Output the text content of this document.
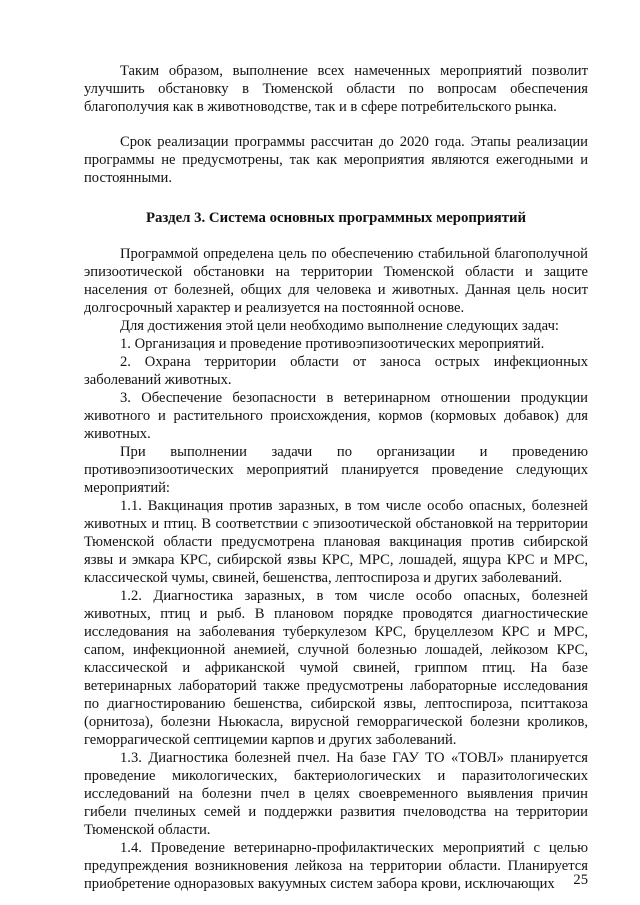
Таким образом, выполнение всех намеченных мероприятий позволит улучшить обстановку в Тюменской области по вопросам обеспечения благополучия как в животноводстве, так и в сфере потребительского рынка.

Срок реализации программы рассчитан до 2020 года. Этапы реализации программы не предусмотрены, так как мероприятия являются ежегодными и постоянными.

Раздел 3. Система основных программных мероприятий

Программой определена цель по обеспечению стабильной благополучной эпизоотической обстановки на территории Тюменской области и защите населения от болезней, общих для человека и животных. Данная цель носит долгосрочный характер и реализуется на постоянной основе.

Для достижения этой цели необходимо выполнение следующих задач:

1. Организация и проведение противоэпизоотических мероприятий.

2. Охрана территории области от заноса острых инфекционных заболеваний животных.

3. Обеспечение безопасности в ветеринарном отношении продукции животного и растительного происхождения, кормов (кормовых добавок) для животных.

При выполнении задачи по организации и проведению противоэпизоотических мероприятий планируется проведение следующих мероприятий:

1.1. Вакцинация против заразных, в том числе особо опасных, болезней животных и птиц. В соответствии с эпизоотической обстановкой на территории Тюменской области предусмотрена плановая вакцинация против сибирской язвы и эмкара КРС, сибирской язвы КРС, МРС, лошадей, ящура КРС и МРС, классической чумы, свиней, бешенства, лептоспироза и других заболеваний.

1.2. Диагностика заразных, в том числе особо опасных, болезней животных, птиц и рыб. В плановом порядке проводятся диагностические исследования на заболевания туберкулезом КРС, бруцеллезом КРС и МРС, сапом, инфекционной анемией, случной болезнью лошадей, лейкозом КРС, классической и африканской чумой свиней, гриппом птиц. На базе ветеринарных лабораторий также предусмотрены лабораторные исследования по диагностированию бешенства, сибирской язвы, лептоспироза, пситтакоза (орнитоза), болезни Ньюкасла, вирусной геморрагической болезни кроликов, геморрагической септицемии карпов и других заболеваний.

1.3. Диагностика болезней пчел. На базе ГАУ ТО «ТОВЛ» планируется проведение микологических, бактериологических и паразитологических исследований на болезни пчел в целях своевременного выявления причин гибели пчелиных семей и поддержки развития пчеловодства на территории Тюменской области.

1.4. Проведение ветеринарно-профилактических мероприятий с целью предупреждения возникновения лейкоза на территории области. Планируется приобретение одноразовых вакуумных систем забора крови, исключающих	25
